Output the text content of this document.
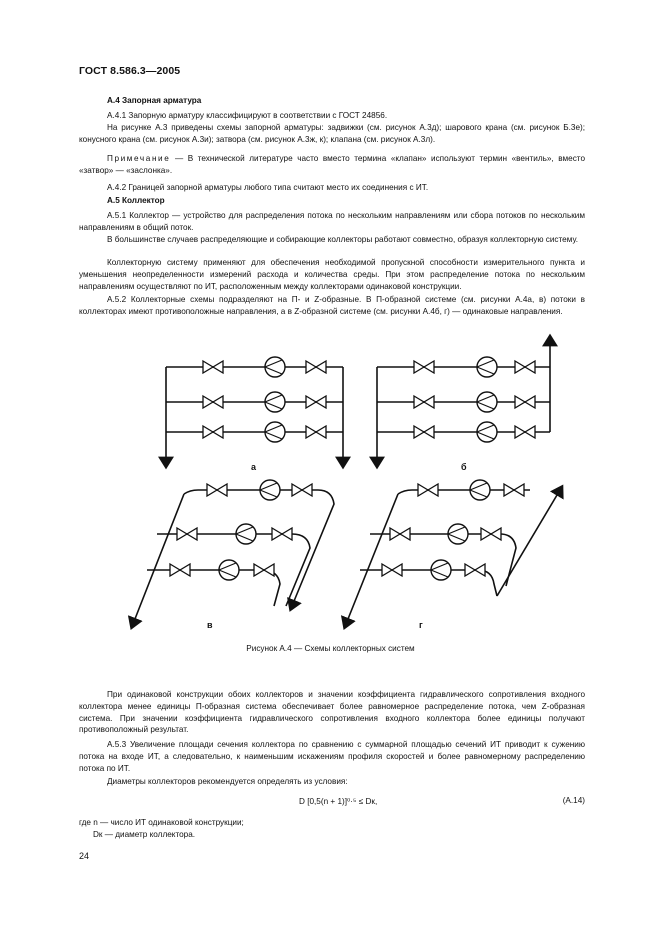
ГОСТ 8.586.3—2005
А.4 Запорная арматура
А.4.1 Запорную арматуру классифицируют в соответствии с ГОСТ 24856.
На рисунке А.3 приведены схемы запорной арматуры: задвижки (см. рисунок А.3д); шарового крана (см. рисунок Б.3е); конусного крана (см. рисунок А.3и); затвора (см. рисунок А.3ж, к); клапана (см. рисунок А.3л).
Примечание — В технической литературе часто вместо термина «клапан» используют термин «вентиль», вместо «затвор» — «заслонка».
А.4.2 Границей запорной арматуры любого типа считают место их соединения с ИТ.
А.5 Коллектор
А.5.1 Коллектор — устройство для распределения потока по нескольким направлениям или сбора потоков по нескольким направлениям в общий поток.
В большинстве случаев распределяющие и собирающие коллекторы работают совместно, образуя коллекторную систему.
Коллекторную систему применяют для обеспечения необходимой пропускной способности измерительного пункта и уменьшения неопределенности измерений расхода и количества среды. При этом распределение потока по нескольким направлениям осуществляют по ИТ, расположенным между коллекторами одинаковой конструкции.
А.5.2 Коллекторные схемы подразделяют на П- и Z-образные. В П-образной системе (см. рисунки А.4а, в) потоки в коллекторах имеют противоположные направления, а в Z-образной системе (см. рисунки А.4б, г) — одинаковые направления.
а	б
в	г
Рисунок А.4 — Схемы коллекторных систем
При одинаковой конструкции обоих коллекторов и значении коэффициента гидравлического сопротивления входного коллектора менее единицы П-образная система обеспечивает более равномерное распределение потока, чем Z-образная система. При значении коэффициента гидравлического сопротивления входного коллектора более единицы получают противоположный результат.
А.5.3 Увеличение площади сечения коллектора по сравнению с суммарной площадью сечений ИТ приводит к сужению потока на входе ИТ, а следовательно, к наименьшим искажениям профиля скоростей и более равномерному распределению потока по ИТ.
Диаметры коллекторов рекомендуется определять из условия:
D [0,5(n + 1)]⁰·⁵ ≤ Dк,	(А.14)
где n — число ИТ одинаковой конструкции;
Dк — диаметр коллектора.
24
